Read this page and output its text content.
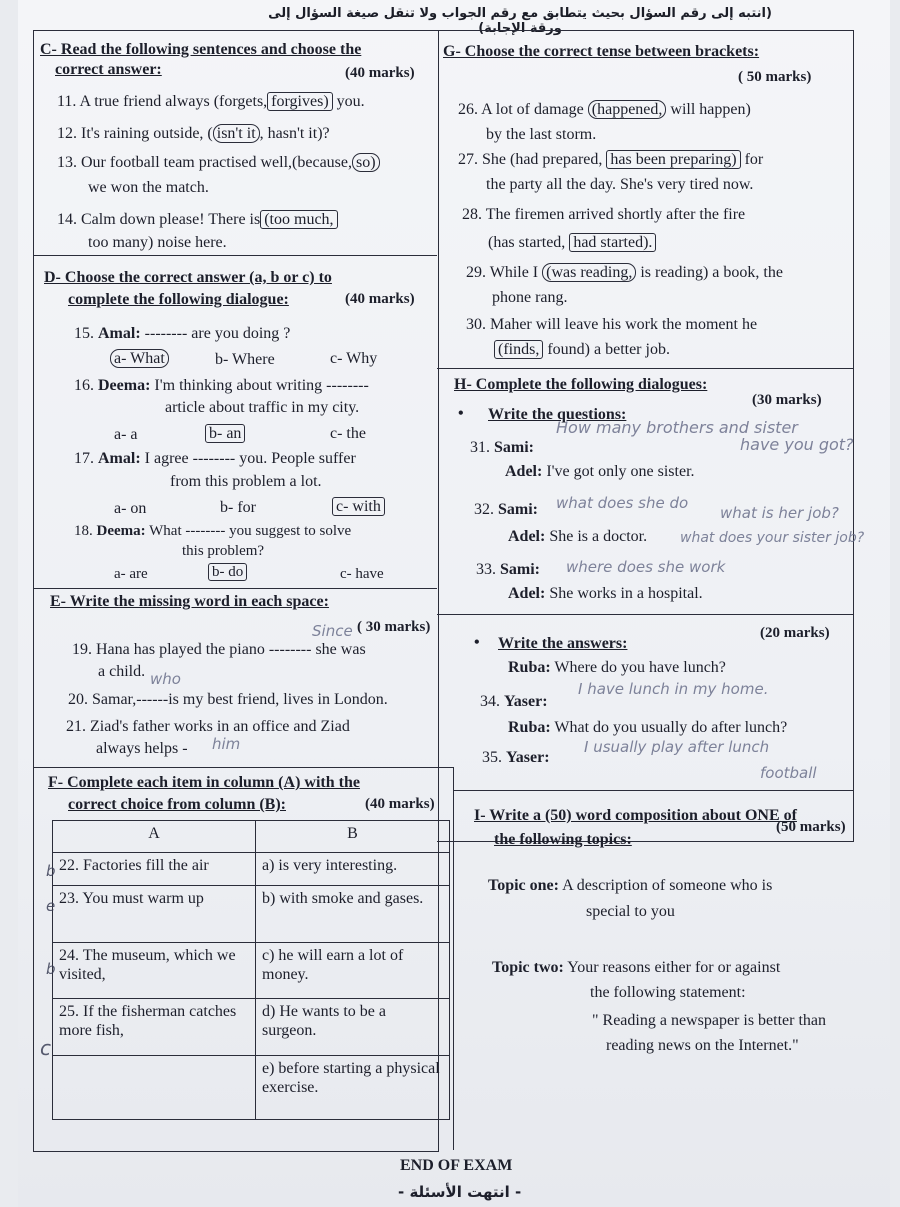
(انتبه إلى رقم السؤال بحيث يتطابق مع رقم الجواب ولا تنقل صيغة السؤال إلى ورقة الإجابة)
C- Read the following sentences and choose the
correct answer:	(40 marks)
11. A true friend always (forgets, forgives) you.
12. It's raining outside, ( isn't it , hasn't it)?
13. Our football team practised well,(because, so)
we won the match.
14. Calm down please! There is (too much,
too many) noise here.
D- Choose the correct answer (a, b or c) to
complete the following dialogue:	(40 marks)
15. Amal: -------- are you doing ?
a- What	b- Where	c- Why
16. Deema: I'm thinking about writing --------
article about traffic in my city.
a- a	b- an	c- the
17. Amal: I agree -------- you. People suffer
from this problem a lot.
a- on	b- for	c- with
18. Deema: What -------- you suggest to solve
this problem?
a- are	b- do	c- have
E- Write the missing word in each space:
( 30 marks)
Since
19. Hana has played the piano -------- she was
a child. who
20. Samar,------is my best friend, lives in London.
21. Ziad's father works in an office and Ziad
always helps - him
F- Complete each item in column (A) with the
correct choice from column (B):	(40 marks)
A	B
22. Factories fill the air	a) is very interesting.
23. You must warm up	b) with smoke and gases.
24. The museum, which we visited,	c) he will earn a lot of money.
25. If the fisherman catches more fish,	d) He wants to be a surgeon.
	e) before starting a physical exercise.
b
e
b
c
G- Choose the correct tense between brackets:
( 50 marks)
26. A lot of damage (happened, will happen)
by the last storm.
27. She (had prepared, has been preparing) for
the party all the day. She's very tired now.
28. The firemen arrived shortly after the fire
(has started, had started).
29. While I (was reading, is reading) a book, the
phone rang.
30. Maher will leave his work the moment he
(finds, found) a better job.
H- Complete the following dialogues:
(30 marks)
• Write the questions:
31. Sami:
How many brothers and sister
have you got?
Adel: I've got only one sister.
32. Sami: what does she do
what is her job?
Adel: She is a doctor. what does your sister job?
33. Sami: where does she work
Adel: She works in a hospital.
• Write the answers:
(20 marks)
Ruba: Where do you have lunch?
34. Yaser:
I have lunch in my home.
Ruba: What do you usually do after lunch?
35. Yaser:
I usually play after lunch
football
I- Write a (50) word composition about ONE of
the following topics:
(50 marks)
Topic one: A description of someone who is
special to you
Topic two: Your reasons either for or against
the following statement:
" Reading a newspaper is better than
reading news on the Internet."
END OF EXAM
- انتهت الأسئلة -
